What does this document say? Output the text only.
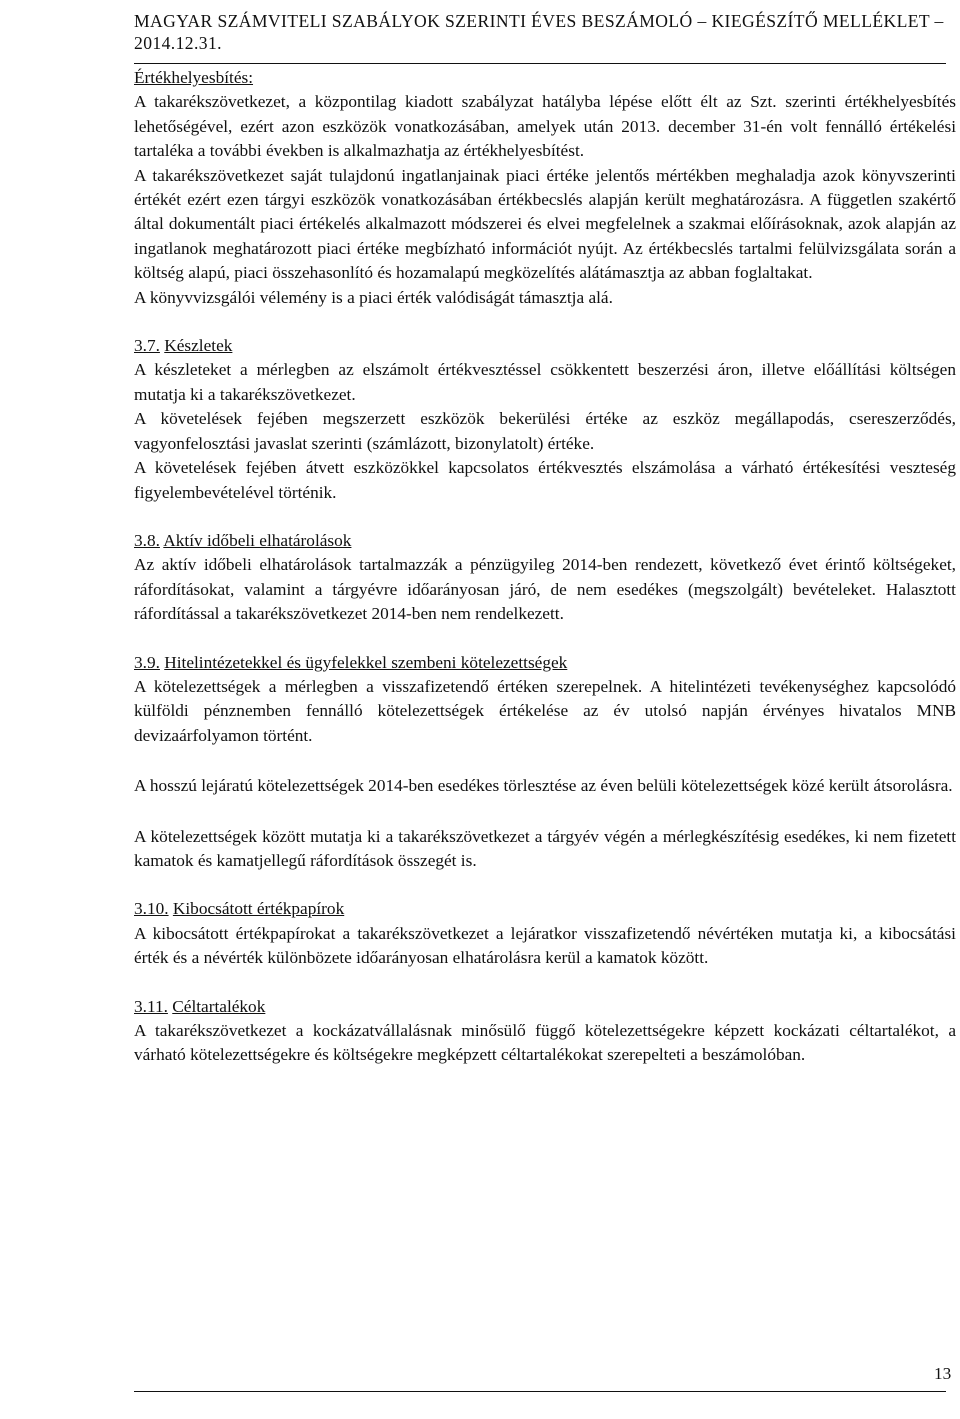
MAGYAR SZÁMVITELI SZABÁLYOK SZERINTI ÉVES BESZÁMOLÓ – KIEGÉSZÍTŐ MELLÉKLET – 2014.12.31.
Értékhelyesbítés:

A takarékszövetkezet, a központilag kiadott szabályzat hatályba lépése előtt élt az Szt. szerinti értékhelyesbítés lehetőségével, ezért azon eszközök vonatkozásában, amelyek után 2013. december 31-én volt fennálló értékelési tartaléka a további években is alkalmazhatja az értékhelyesbítést.

A takarékszövetkezet saját tulajdonú ingatlanjainak piaci értéke jelentős mértékben meghaladja azok könyvszerinti értékét ezért ezen tárgyi eszközök vonatkozásában értékbecslés alapján került meghatározásra. A független szakértő által dokumentált piaci értékelés alkalmazott módszerei és elvei megfelelnek a szakmai előírásoknak, azok alapján az ingatlanok meghatározott piaci értéke megbízható információt nyújt. Az értékbecslés tartalmi felülvizsgálata során a költség alapú, piaci összehasonlító és hozamalapú megközelítés alátámasztja az abban foglaltakat.

A könyvvizsgálói vélemény is a piaci érték valódiságát támasztja alá.

3.7. Készletek

A készleteket a mérlegben az elszámolt értékvesztéssel csökkentett beszerzési áron, illetve előállítási költségen mutatja ki a takarékszövetkezet.

A követelések fejében megszerzett eszközök bekerülési értéke az eszköz megállapodás, csereszerződés, vagyonfelosztási javaslat szerinti (számlázott, bizonylatolt) értéke.

A követelések fejében átvett eszközökkel kapcsolatos értékvesztés elszámolása a várható értékesítési veszteség figyelembevételével történik.

3.8. Aktív időbeli elhatárolások

Az aktív időbeli elhatárolások tartalmazzák a pénzügyileg 2014-ben rendezett, következő évet érintő költségeket, ráfordításokat, valamint a tárgyévre időarányosan járó, de nem esedékes (megszolgált) bevételeket. Halasztott ráfordítással a takarékszövetkezet 2014-ben nem rendelkezett.

3.9. Hitelintézetekkel és ügyfelekkel szembeni kötelezettségek

A kötelezettségek a mérlegben a visszafizetendő értéken szerepelnek. A hitelintézeti tevékenységhez kapcsolódó külföldi pénznemben fennálló kötelezettségek értékelése az év utolsó napján érvényes hivatalos MNB devizaárfolyamon történt.

A hosszú lejáratú kötelezettségek 2014-ben esedékes törlesztése az éven belüli kötelezettségek közé került átsorolásra.

A kötelezettségek között mutatja ki a takarékszövetkezet a tárgyév végén a mérlegkészítésig esedékes, ki nem fizetett kamatok és kamatjellegű ráfordítások összegét is.

3.10. Kibocsátott értékpapírok

A kibocsátott értékpapírokat a takarékszövetkezet a lejáratkor visszafizetendő névértéken mutatja ki, a kibocsátási érték és a névérték különbözete időarányosan elhatárolásra kerül a kamatok között.

3.11. Céltartalékok

A takarékszövetkezet a kockázatvállalásnak minősülő függő kötelezettségekre képzett kockázati céltartalékot, a várható kötelezettségekre és költségekre megképzett céltartalékokat szerepelteti a beszámolóban.

13
